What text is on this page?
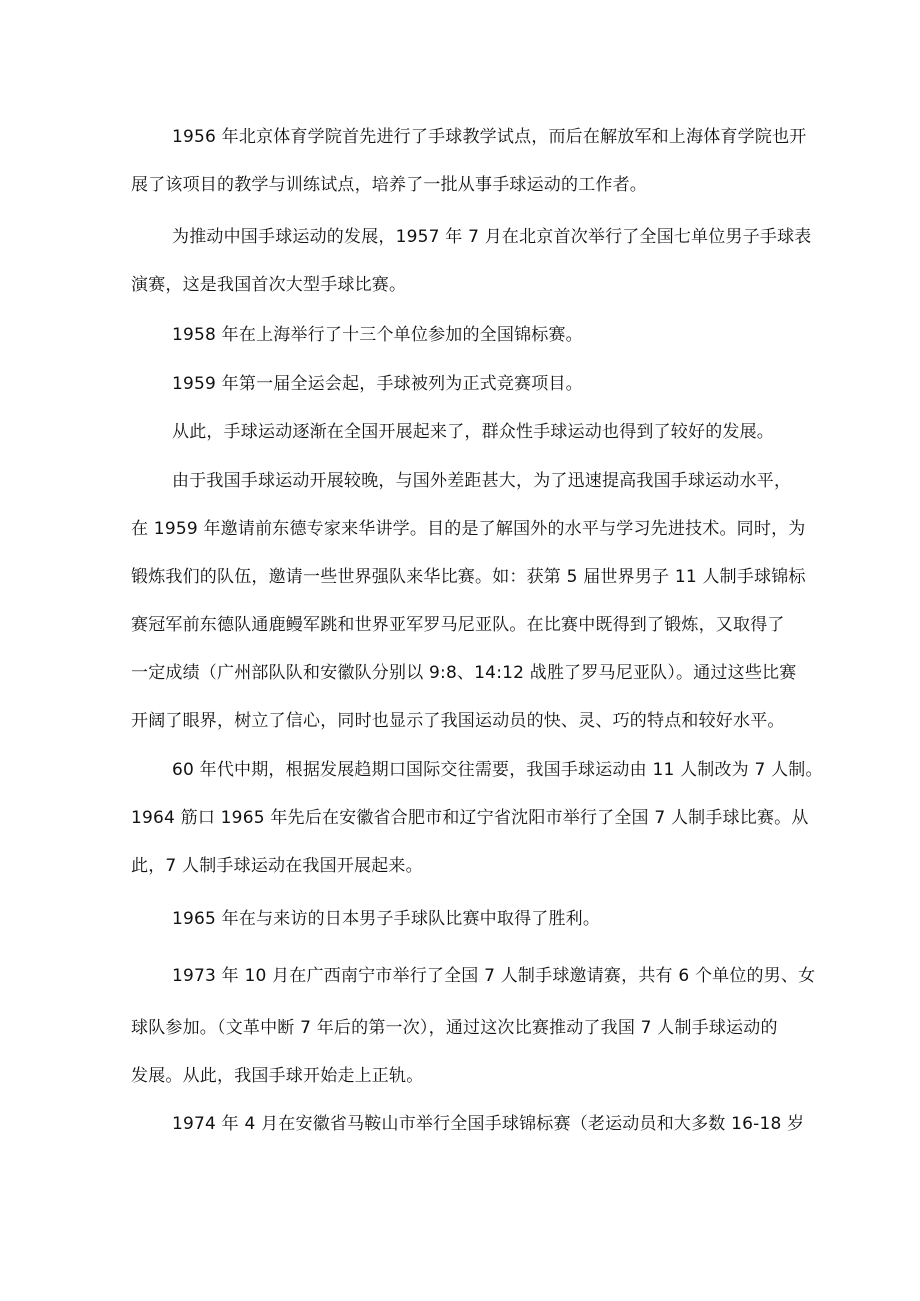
1956 年北京体育学院首先进行了手球教学试点，而后在解放军和上海体育学院也开
展了该项目的教学与训练试点，培养了一批从事手球运动的工作者。
为推动中国手球运动的发展，1957 年 7 月在北京首次举行了全国七单位男子手球表
演赛，这是我国首次大型手球比赛。
1958 年在上海举行了十三个单位参加的全国锦标赛。
1959 年第一届全运会起，手球被列为正式竞赛项目。
从此，手球运动逐渐在全国开展起来了，群众性手球运动也得到了较好的发展。
由于我国手球运动开展较晚，与国外差距甚大，为了迅速提高我国手球运动水平，
在 1959 年邀请前东德专家来华讲学。目的是了解国外的水平与学习先进技术。同时，为
锻炼我们的队伍，邀请一些世界强队来华比赛。如：获第 5 届世界男子 11 人制手球锦标
赛冠军前东德队通鹿鳗军跳和世界亚军罗马尼亚队。在比赛中既得到了锻炼，又取得了
一定成绩（广州部队队和安徽队分别以 9:8、14:12 战胜了罗马尼亚队）。通过这些比赛
开阔了眼界，树立了信心，同时也显示了我国运动员的快、灵、巧的特点和较好水平。
60 年代中期，根据发展趋期口国际交往需要，我国手球运动由 11 人制改为 7 人制。
1964 筋口 1965 年先后在安徽省合肥市和辽宁省沈阳市举行了全国 7 人制手球比赛。从
此，7 人制手球运动在我国开展起来。
1965 年在与来访的日本男子手球队比赛中取得了胜利。
1973 年 10 月在广西南宁市举行了全国 7 人制手球邀请赛，共有 6 个单位的男、女
球队参加。（文革中断 7 年后的第一次），通过这次比赛推动了我国 7 人制手球运动的
发展。从此，我国手球开始走上正轨。
1974 年 4 月在安徽省马鞍山市举行全国手球锦标赛（老运动员和大多数 16-18 岁
